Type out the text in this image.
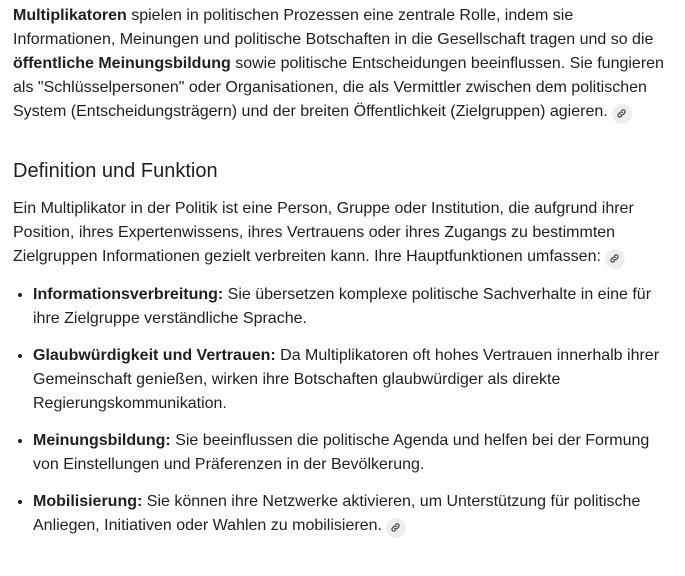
Multiplikatoren spielen in politischen Prozessen eine zentrale Rolle, indem sie Informationen, Meinungen und politische Botschaften in die Gesellschaft tragen und so die öffentliche Meinungsbildung sowie politische Entscheidungen beeinflussen. Sie fungieren als "Schlüsselpersonen" oder Organisationen, die als Vermittler zwischen dem politischen System (Entscheidungsträgern) und der breiten Öffentlichkeit (Zielgruppen) agieren.

Definition und Funktion

Ein Multiplikator in der Politik ist eine Person, Gruppe oder Institution, die aufgrund ihrer Position, ihres Expertenwissens, ihres Vertrauens oder ihres Zugangs zu bestimmten Zielgruppen Informationen gezielt verbreiten kann. Ihre Hauptfunktionen umfassen:

• Informationsverbreitung: Sie übersetzen komplexe politische Sachverhalte in eine für ihre Zielgruppe verständliche Sprache.
• Glaubwürdigkeit und Vertrauen: Da Multiplikatoren oft hohes Vertrauen innerhalb ihrer Gemeinschaft genießen, wirken ihre Botschaften glaubwürdiger als direkte Regierungskommunikation.
• Meinungsbildung: Sie beeinflussen die politische Agenda und helfen bei der Formung von Einstellungen und Präferenzen in der Bevölkerung.
• Mobilisierung: Sie können ihre Netzwerke aktivieren, um Unterstützung für politische Anliegen, Initiativen oder Wahlen zu mobilisieren.
